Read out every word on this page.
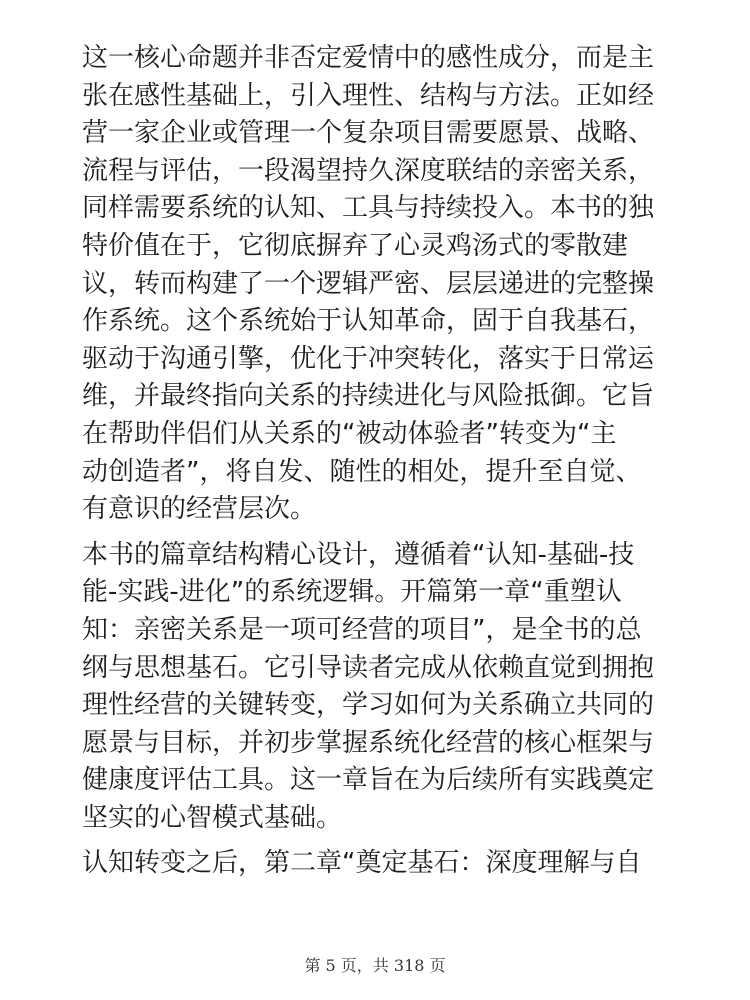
这一核心命题并非否定爱情中的感性成分，而是主
张在感性基础上，引入理性、结构与方法。正如经
营一家企业或管理一个复杂项目需要愿景、战略、
流程与评估，一段渴望持久深度联结的亲密关系，
同样需要系统的认知、工具与持续投入。本书的独
特价值在于，它彻底摒弃了心灵鸡汤式的零散建
议，转而构建了一个逻辑严密、层层递进的完整操
作系统。这个系统始于认知革命，固于自我基石，
驱动于沟通引擎，优化于冲突转化，落实于日常运
维，并最终指向关系的持续进化与风险抵御。它旨
在帮助伴侣们从关系的“被动体验者”转变为“主
动创造者”，将自发、随性的相处，提升至自觉、
有意识的经营层次。

本书的篇章结构精心设计，遵循着“认知-基础-技
能-实践-进化”的系统逻辑。开篇第一章“重塑认
知：亲密关系是一项可经营的项目”，是全书的总
纲与思想基石。它引导读者完成从依赖直觉到拥抱
理性经营的关键转变，学习如何为关系确立共同的
愿景与目标，并初步掌握系统化经营的核心框架与
健康度评估工具。这一章旨在为后续所有实践奠定
坚实的心智模式基础。

认知转变之后，第二章“奠定基石：深度理解与自

第 5 页，共 318 页
